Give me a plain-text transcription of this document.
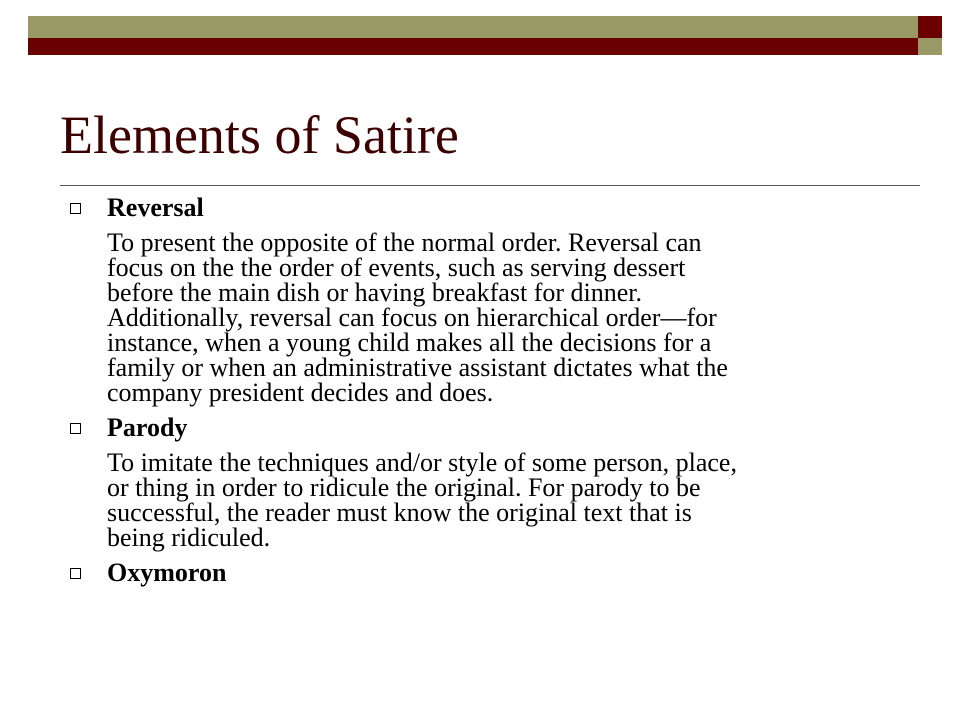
Elements of Satire
Reversal
To present the opposite of the normal order. Reversal can
focus on the the order of events, such as serving dessert
before the main dish or having breakfast for dinner.
Additionally, reversal can focus on hierarchical order—for
instance, when a young child makes all the decisions for a
family or when an administrative assistant dictates what the
company president decides and does.
Parody
To imitate the techniques and/or style of some person, place,
or thing in order to ridicule the original. For parody to be
successful, the reader must know the original text that is
being ridiculed.
Oxymoron
